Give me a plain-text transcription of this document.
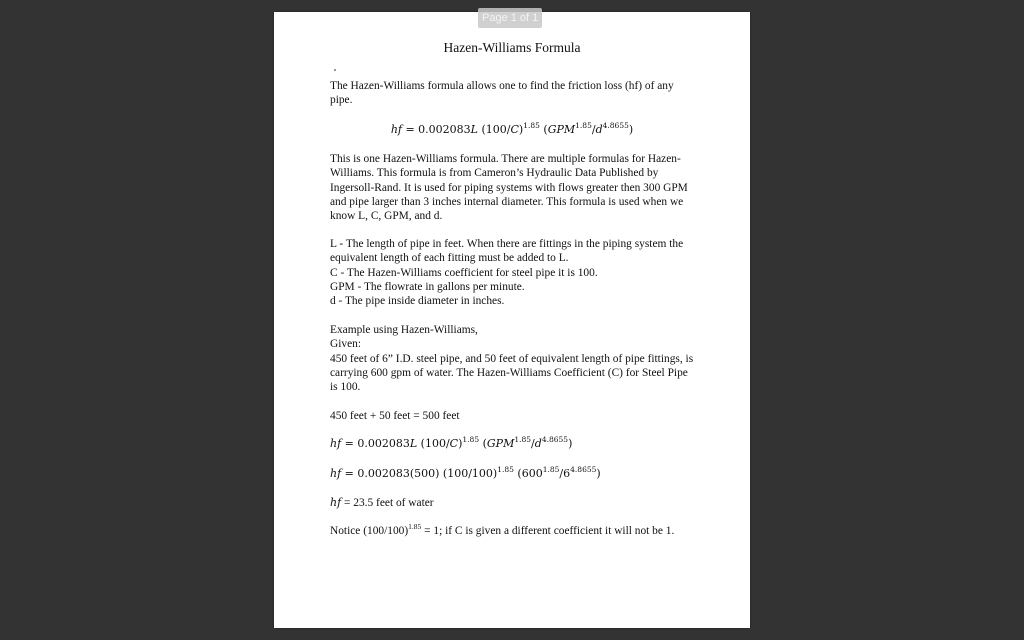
Hazen-Williams Formula
The Hazen-Williams formula allows one to find the friction loss (hf) of any pipe.
hf = 0.002083L $(100/C)^{1.85}$ $(GPM^{1.85}/d^{4.8655})$
This is one Hazen-Williams formula. There are multiple formulas for Hazen-Williams. This formula is from Cameron’s Hydraulic Data Published by Ingersoll-Rand. It is used for piping systems with flows greater then 300 GPM and pipe larger than 3 inches internal diameter. This formula is used when we know L, C, GPM, and d.
L - The length of pipe in feet. When there are fittings in the piping system the equivalent length of each fitting must be added to L.
C - The Hazen-Williams coefficient for steel pipe it is 100.
GPM - The flowrate in gallons per minute.
d - The pipe inside diameter in inches.
Example using Hazen-Williams,
Given:
450 feet of 6” I.D. steel pipe, and 50 feet of equivalent length of pipe fittings, is carrying 600 gpm of water. The Hazen-Williams Coefficient (C) for Steel Pipe is 100.
450 feet + 50 feet = 500 feet
hf = 0.002083L $(100/C)^{1.85}$ $(GPM^{1.85}/d^{4.8655})$
hf = 0.002083(500) $(100/100)^{1.85}$ $(600^{1.85}/6^{4.8655})$
hf = 23.5 feet of water
Notice $(100/100)^{1.85} = 1$; if C is given a different coefficient it will not be 1.
Page 1 of 1
